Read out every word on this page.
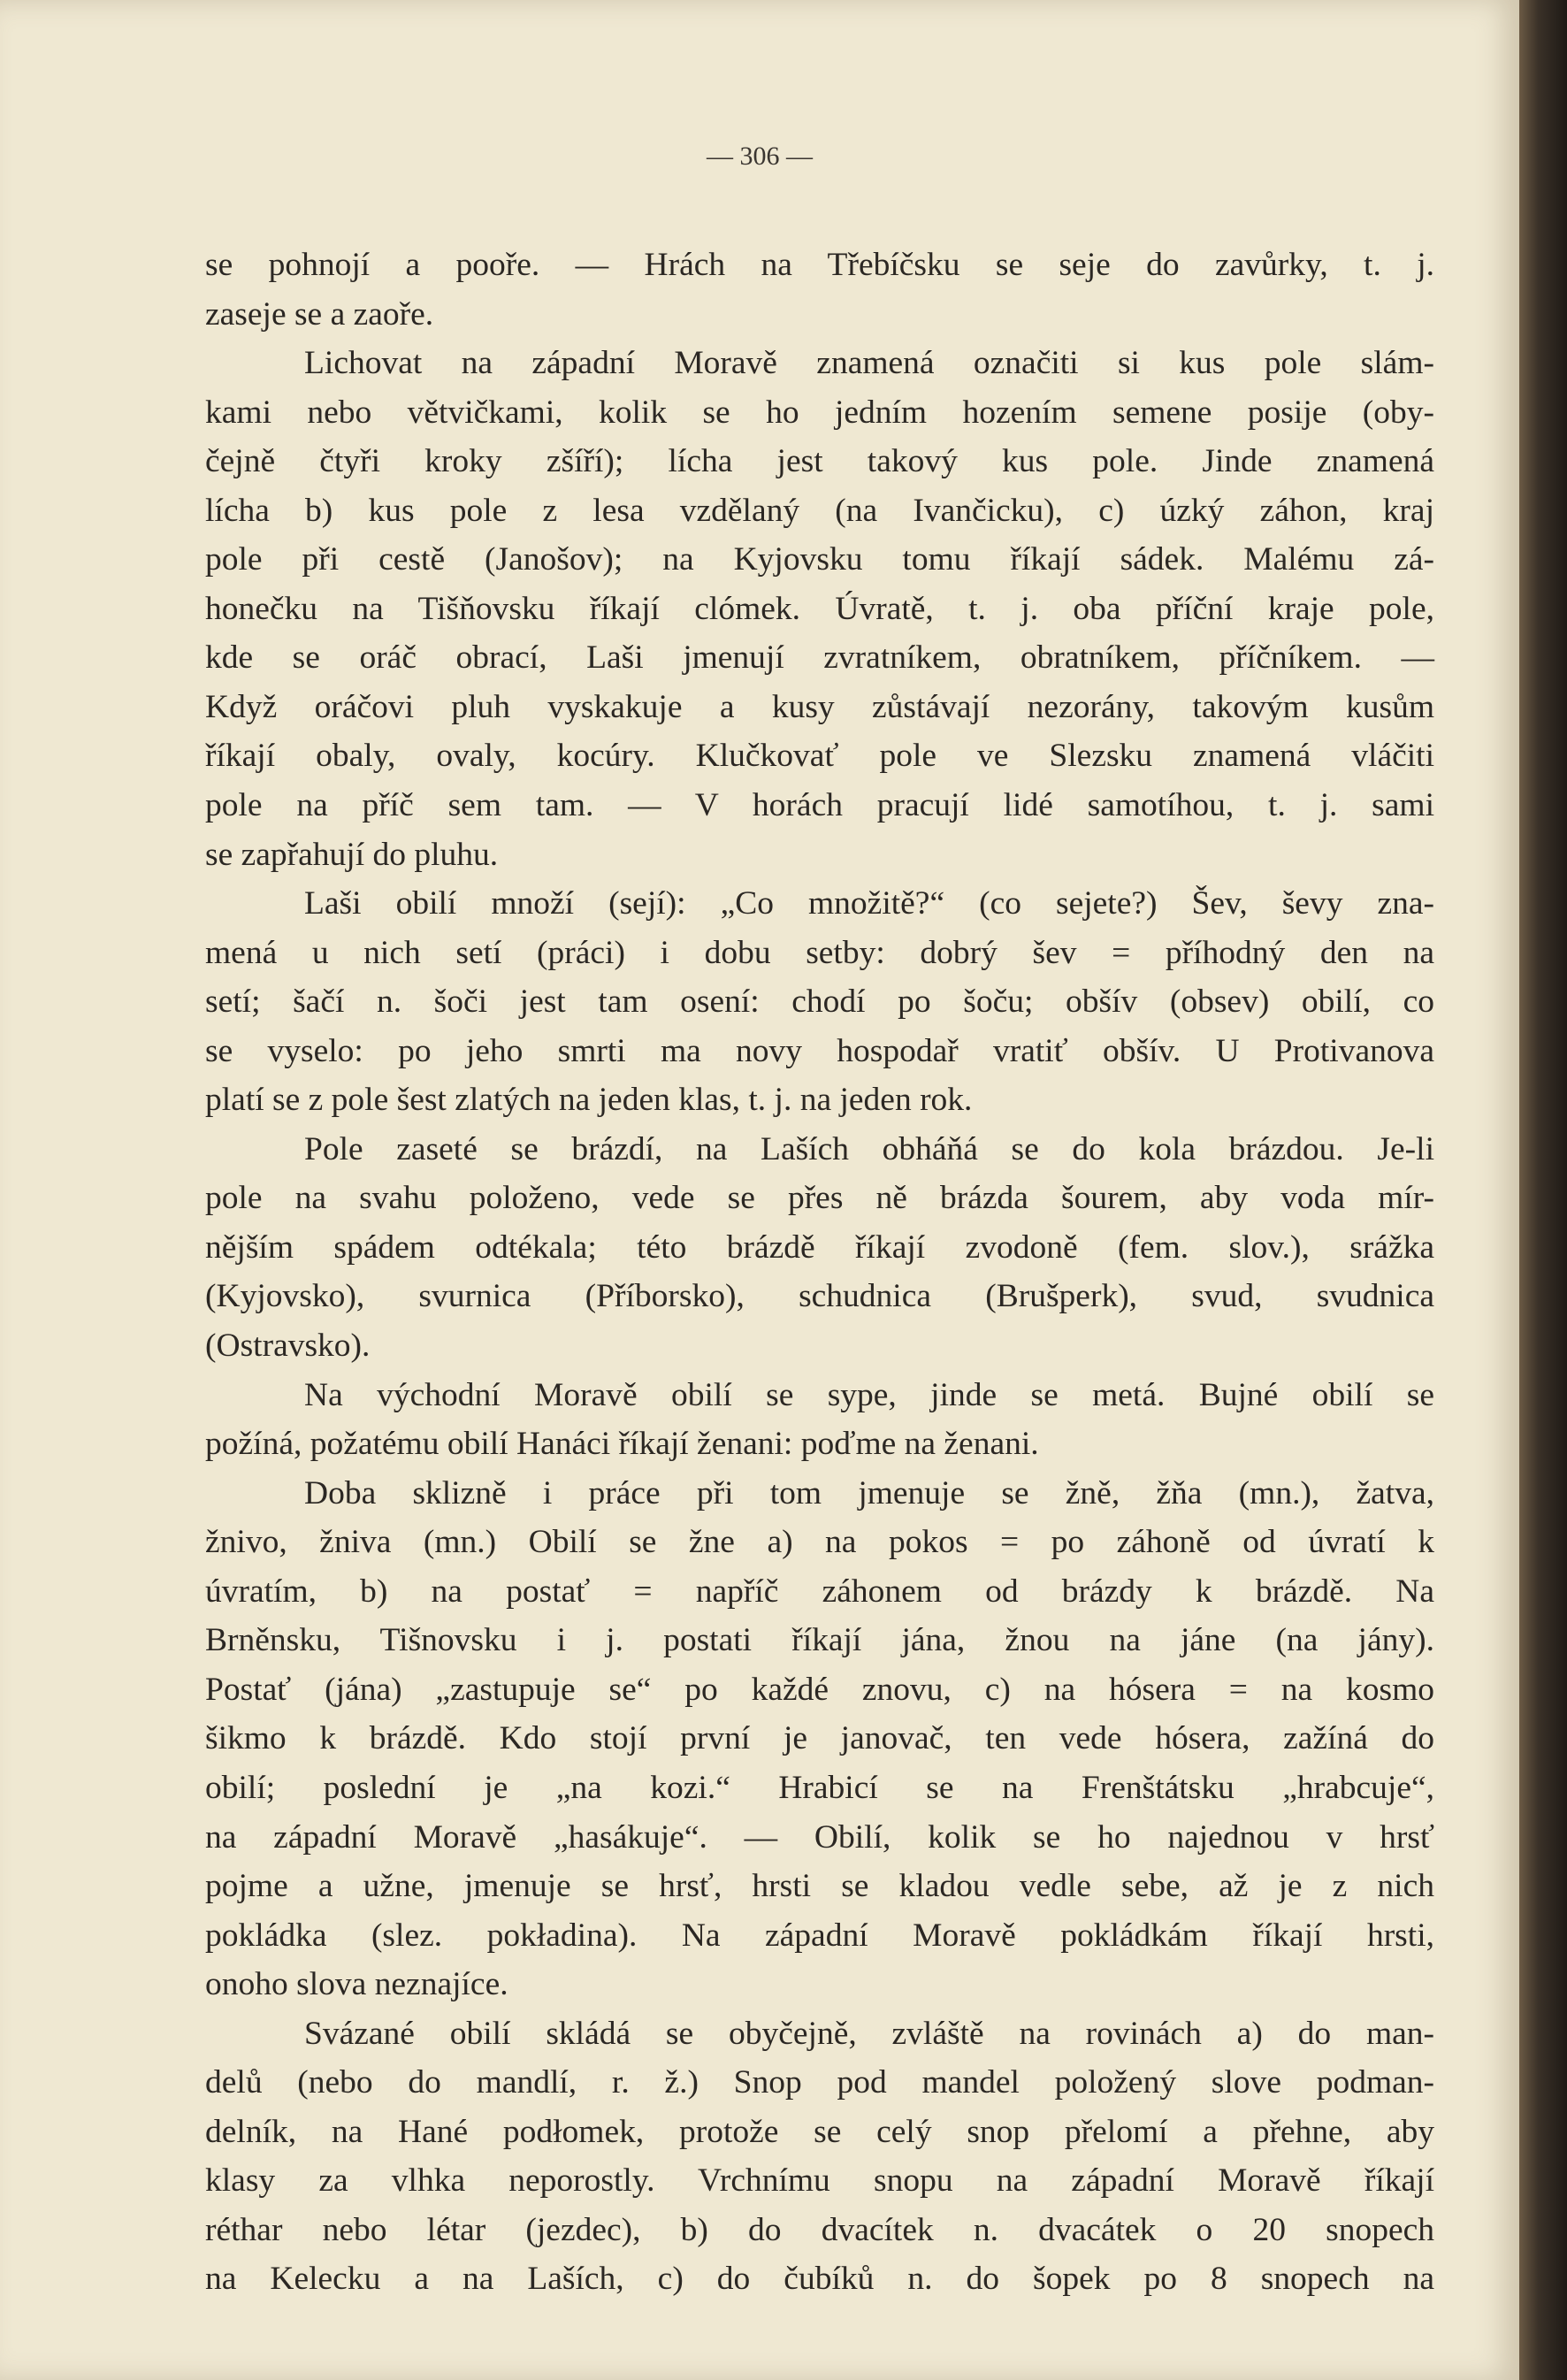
— 306 —
se pohnojí a pooře. — Hrách na Třebíčsku se seje do zavůrky, t. j.
zaseje se a zaoře.
Lichovat na západní Moravě znamená označiti si kus pole slám-
kami nebo větvičkami, kolik se ho jedním hozením semene posije (oby-
čejně čtyři kroky zšíří); lícha jest takový kus pole. Jinde znamená
lícha b) kus pole z lesa vzdělaný (na Ivančicku), c) úzký záhon, kraj
pole při cestě (Janošov); na Kyjovsku tomu říkají sádek. Malému zá-
honečku na Tišňovsku říkají clómek. Úvratě, t. j. oba příční kraje pole,
kde se oráč obrací, Laši jmenují zvratníkem, obratníkem, příčníkem. —
Když oráčovi pluh vyskakuje a kusy zůstávají nezorány, takovým kusům
říkají obaly, ovaly, kocúry. Klučkovať pole ve Slezsku znamená vláčiti
pole na příč sem tam. — V horách pracují lidé samotíhou, t. j. sami
se zapřahují do pluhu.
Laši obilí množí (sejí): „Co množitě?“ (co sejete?) Šev, ševy zna-
mená u nich setí (práci) i dobu setby: dobrý šev = příhodný den na
setí; šačí n. šoči jest tam osení: chodí po šoču; obšív (obsev) obilí, co
se vyselo: po jeho smrti ma novy hospodař vratiť obšív. U Protivanova
platí se z pole šest zlatých na jeden klas, t. j. na jeden rok.
Pole zaseté se brázdí, na Laších obháňá se do kola brázdou. Je-li
pole na svahu položeno, vede se přes ně brázda šourem, aby voda mír-
nějším spádem odtékala; této brázdě říkají zvodoně (fem. slov.), srážka
(Kyjovsko), svurnica (Příborsko), schudnica (Brušperk), svud, svudnica
(Ostravsko).
Na východní Moravě obilí se sype, jinde se metá. Bujné obilí se
požíná, požatému obilí Hanáci říkají ženani: poďme na ženani.
Doba sklizně i práce při tom jmenuje se žně, žňa (mn.), žatva,
žnivo, žniva (mn.) Obilí se žne a) na pokos = po záhoně od úvratí k
úvratím, b) na postať = napříč záhonem od brázdy k brázdě. Na
Brněnsku, Tišnovsku i j. postati říkají jána, žnou na jáne (na jány).
Postať (jána) „zastupuje se“ po každé znovu, c) na hósera = na kosmo
šikmo k brázdě. Kdo stojí první je janovač, ten vede hósera, zažíná do
obilí; poslední je „na kozi.“ Hrabicí se na Frenštátsku „hrabcuje“,
na západní Moravě „hasákuje“. — Obilí, kolik se ho najednou v hrsť
pojme a užne, jmenuje se hrsť, hrsti se kladou vedle sebe, až je z nich
pokládka (slez. pokładina). Na západní Moravě pokládkám říkají hrsti,
onoho slova neznajíce.
Svázané obilí skládá se obyčejně, zvláště na rovinách a) do man-
delů (nebo do mandlí, r. ž.) Snop pod mandel položený slove podman-
delník, na Hané podłomek, protože se celý snop přelomí a přehne, aby
klasy za vlhka neporostly. Vrchnímu snopu na západní Moravě říkají
réthar nebo létar (jezdec), b) do dvacítek n. dvacátek o 20 snopech
na Kelecku a na Laších, c) do čubíků n. do šopek po 8 snopech na
